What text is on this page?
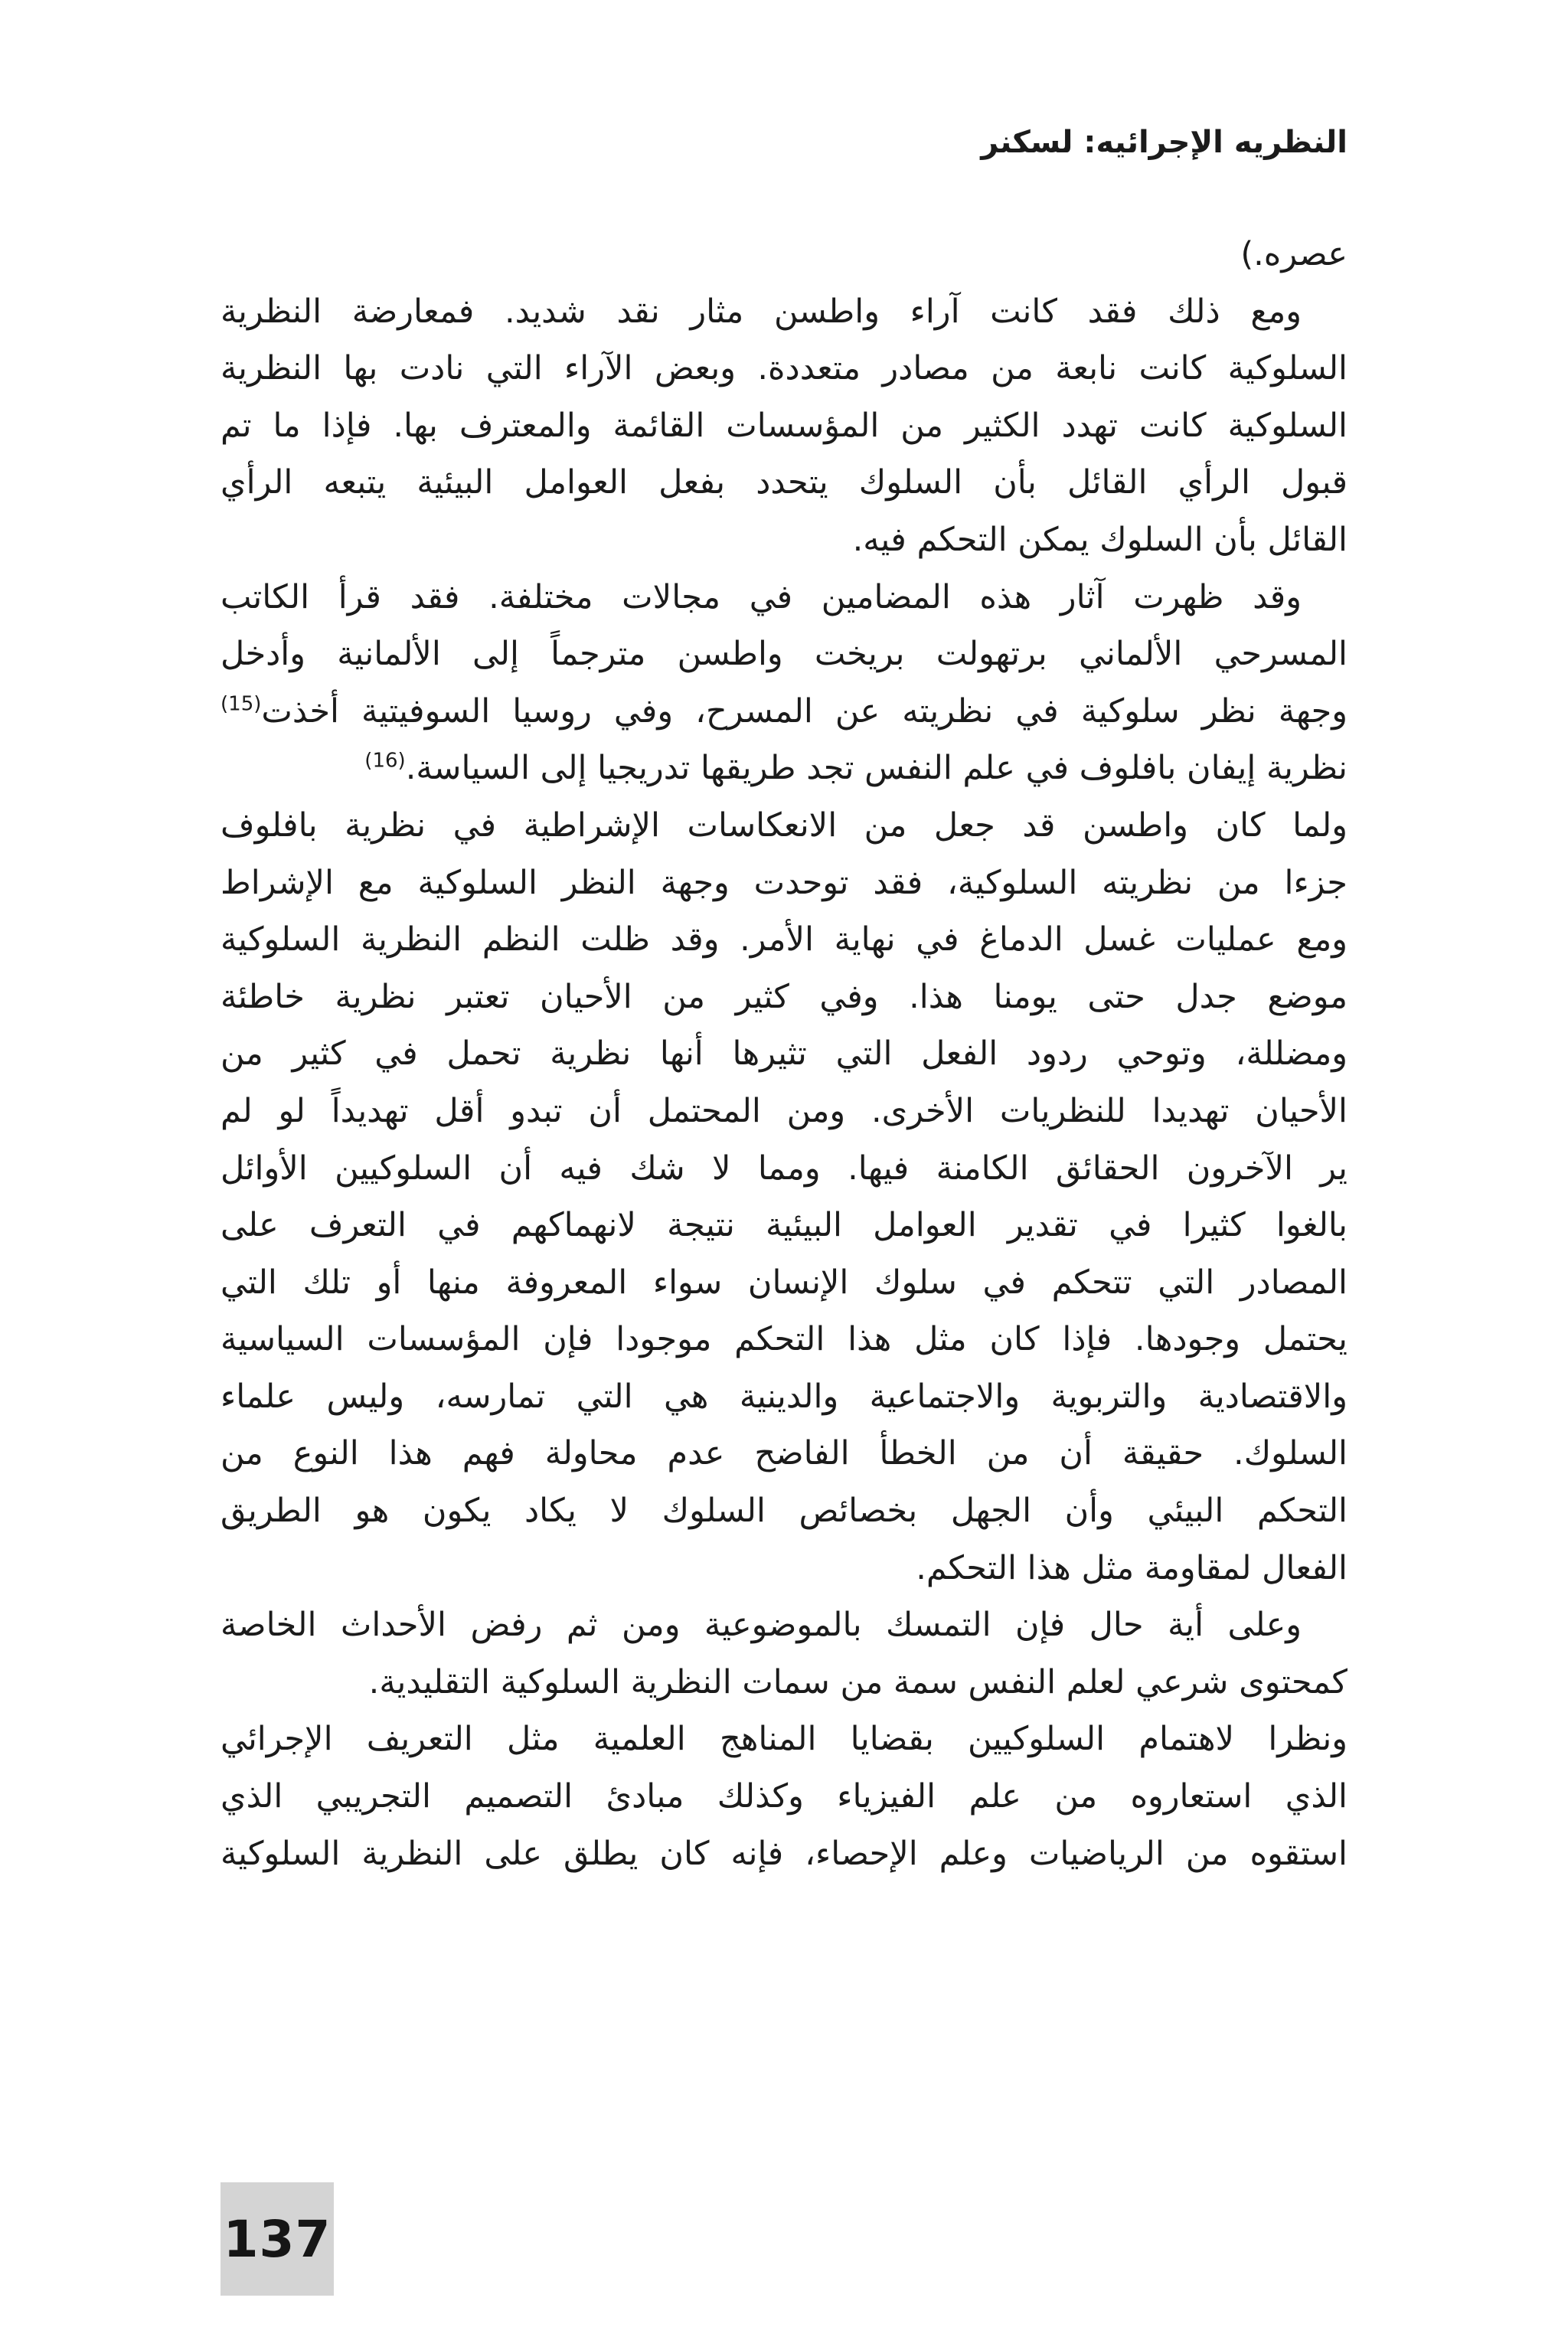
النظريه الإجرائيه: لسكنر
عصره.)
ومع ذلك فقد كانت آراء واطسن مثار نقد شديد. فمعارضة النظرية
السلوكية كانت نابعة من مصادر متعددة. وبعض الآراء التي نادت بها النظرية
السلوكية كانت تهدد الكثير من المؤسسات القائمة والمعترف بها. فإذا ما تم
قبول الرأي القائل بأن السلوك يتحدد بفعل العوامل البيئية يتبعه الرأي
القائل بأن السلوك يمكن التحكم فيه.
وقد ظهرت آثار هذه المضامين في مجالات مختلفة. فقد قرأ الكاتب
المسرحي الألماني برتهولت بريخت واطسن مترجماً إلى الألمانية وأدخل
وجهة نظر سلوكية في نظريته عن المسرح، وفي روسيا السوفيتية أخذت$^{(15)}$
نظرية إيفان بافلوف في علم النفس تجد طريقها تدريجيا إلى السياسة.$^{(16)}$
ولما كان واطسن قد جعل من الانعكاسات الإشراطية في نظرية بافلوف
جزءا من نظريته السلوكية، فقد توحدت وجهة النظر السلوكية مع الإشراط
ومع عمليات غسل الدماغ في نهاية الأمر. وقد ظلت النظم النظرية السلوكية
موضع جدل حتى يومنا هذا. وفي كثير من الأحيان تعتبر نظرية خاطئة
ومضللة، وتوحي ردود الفعل التي تثيرها أنها نظرية تحمل في كثير من
الأحيان تهديدا للنظريات الأخرى. ومن المحتمل أن تبدو أقل تهديداً لو لم
ير الآخرون الحقائق الكامنة فيها. ومما لا شك فيه أن السلوكيين الأوائل
بالغوا كثيرا في تقدير العوامل البيئية نتيجة لانهماكهم في التعرف على
المصادر التي تتحكم في سلوك الإنسان سواء المعروفة منها أو تلك التي
يحتمل وجودها. فإذا كان مثل هذا التحكم موجودا فإن المؤسسات السياسية
والاقتصادية والتربوية والاجتماعية والدينية هي التي تمارسه، وليس علماء
السلوك. حقيقة أن من الخطأ الفاضح عدم محاولة فهم هذا النوع من
التحكم البيئي وأن الجهل بخصائص السلوك لا يكاد يكون هو الطريق
الفعال لمقاومة مثل هذا التحكم.
وعلى أية حال فإن التمسك بالموضوعية ومن ثم رفض الأحداث الخاصة
كمحتوى شرعي لعلم النفس سمة من سمات النظرية السلوكية التقليدية.
ونظرا لاهتمام السلوكيين بقضايا المناهج العلمية مثل التعريف الإجرائي
الذي استعاروه من علم الفيزياء وكذلك مبادئ التصميم التجريبي الذي
استقوه من الرياضيات وعلم الإحصاء، فإنه كان يطلق على النظرية السلوكية
137
